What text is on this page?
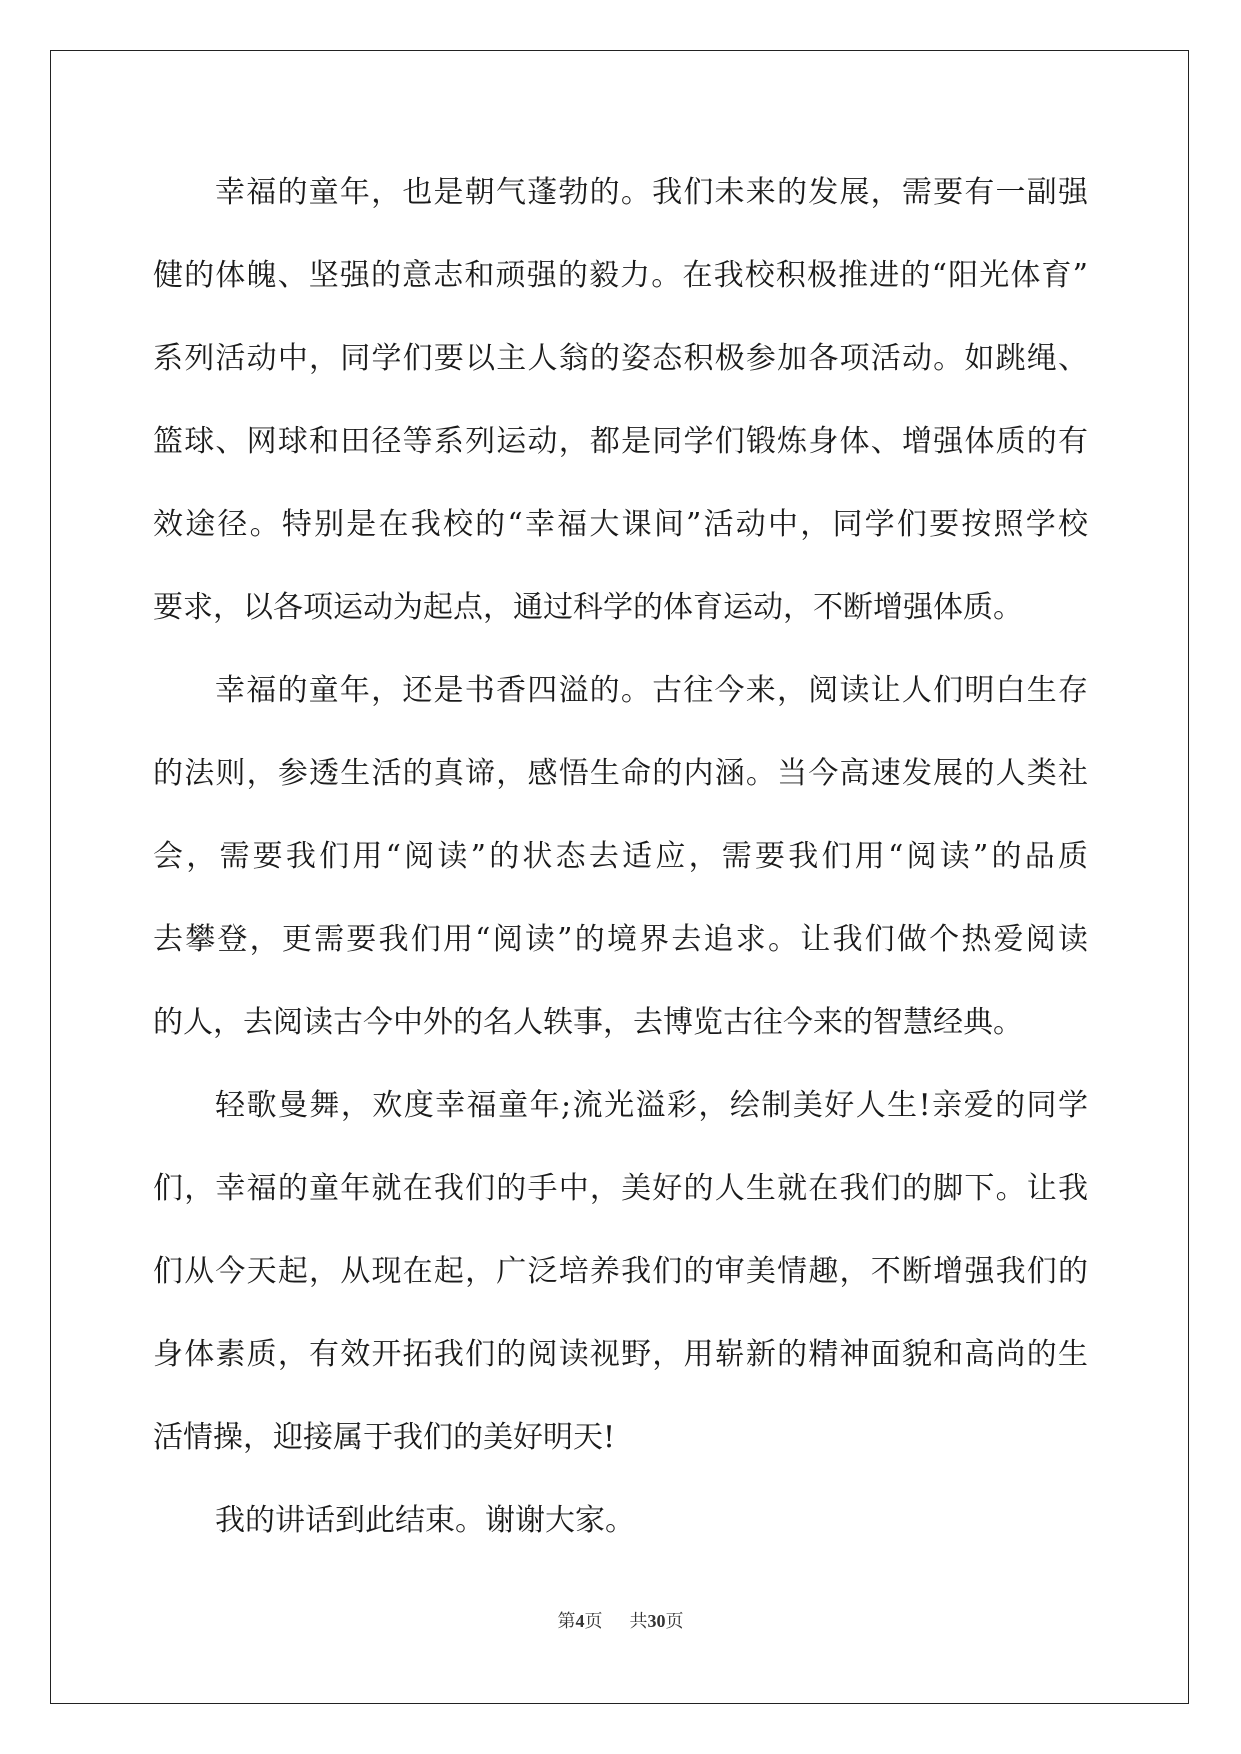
幸福的童年，也是朝气蓬勃的。我们未来的发展，需要有一副强
健的体魄、坚强的意志和顽强的毅力。在我校积极推进的“阳光体育”
系列活动中，同学们要以主人翁的姿态积极参加各项活动。如跳绳、
篮球、网球和田径等系列运动，都是同学们锻炼身体、增强体质的有
效途径。特别是在我校的“幸福大课间”活动中，同学们要按照学校
要求，以各项运动为起点，通过科学的体育运动，不断增强体质。
幸福的童年，还是书香四溢的。古往今来，阅读让人们明白生存
的法则，参透生活的真谛，感悟生命的内涵。当今高速发展的人类社
会，需要我们用“阅读”的状态去适应，需要我们用“阅读”的品质
去攀登，更需要我们用“阅读”的境界去追求。让我们做个热爱阅读
的人，去阅读古今中外的名人轶事，去博览古往今来的智慧经典。
轻歌曼舞，欢度幸福童年;流光溢彩，绘制美好人生!亲爱的同学
们，幸福的童年就在我们的手中，美好的人生就在我们的脚下。让我
们从今天起，从现在起，广泛培养我们的审美情趣，不断增强我们的
身体素质，有效开拓我们的阅读视野，用崭新的精神面貌和高尚的生
活情操，迎接属于我们的美好明天!
我的讲话到此结束。谢谢大家。
第4页 共30页
